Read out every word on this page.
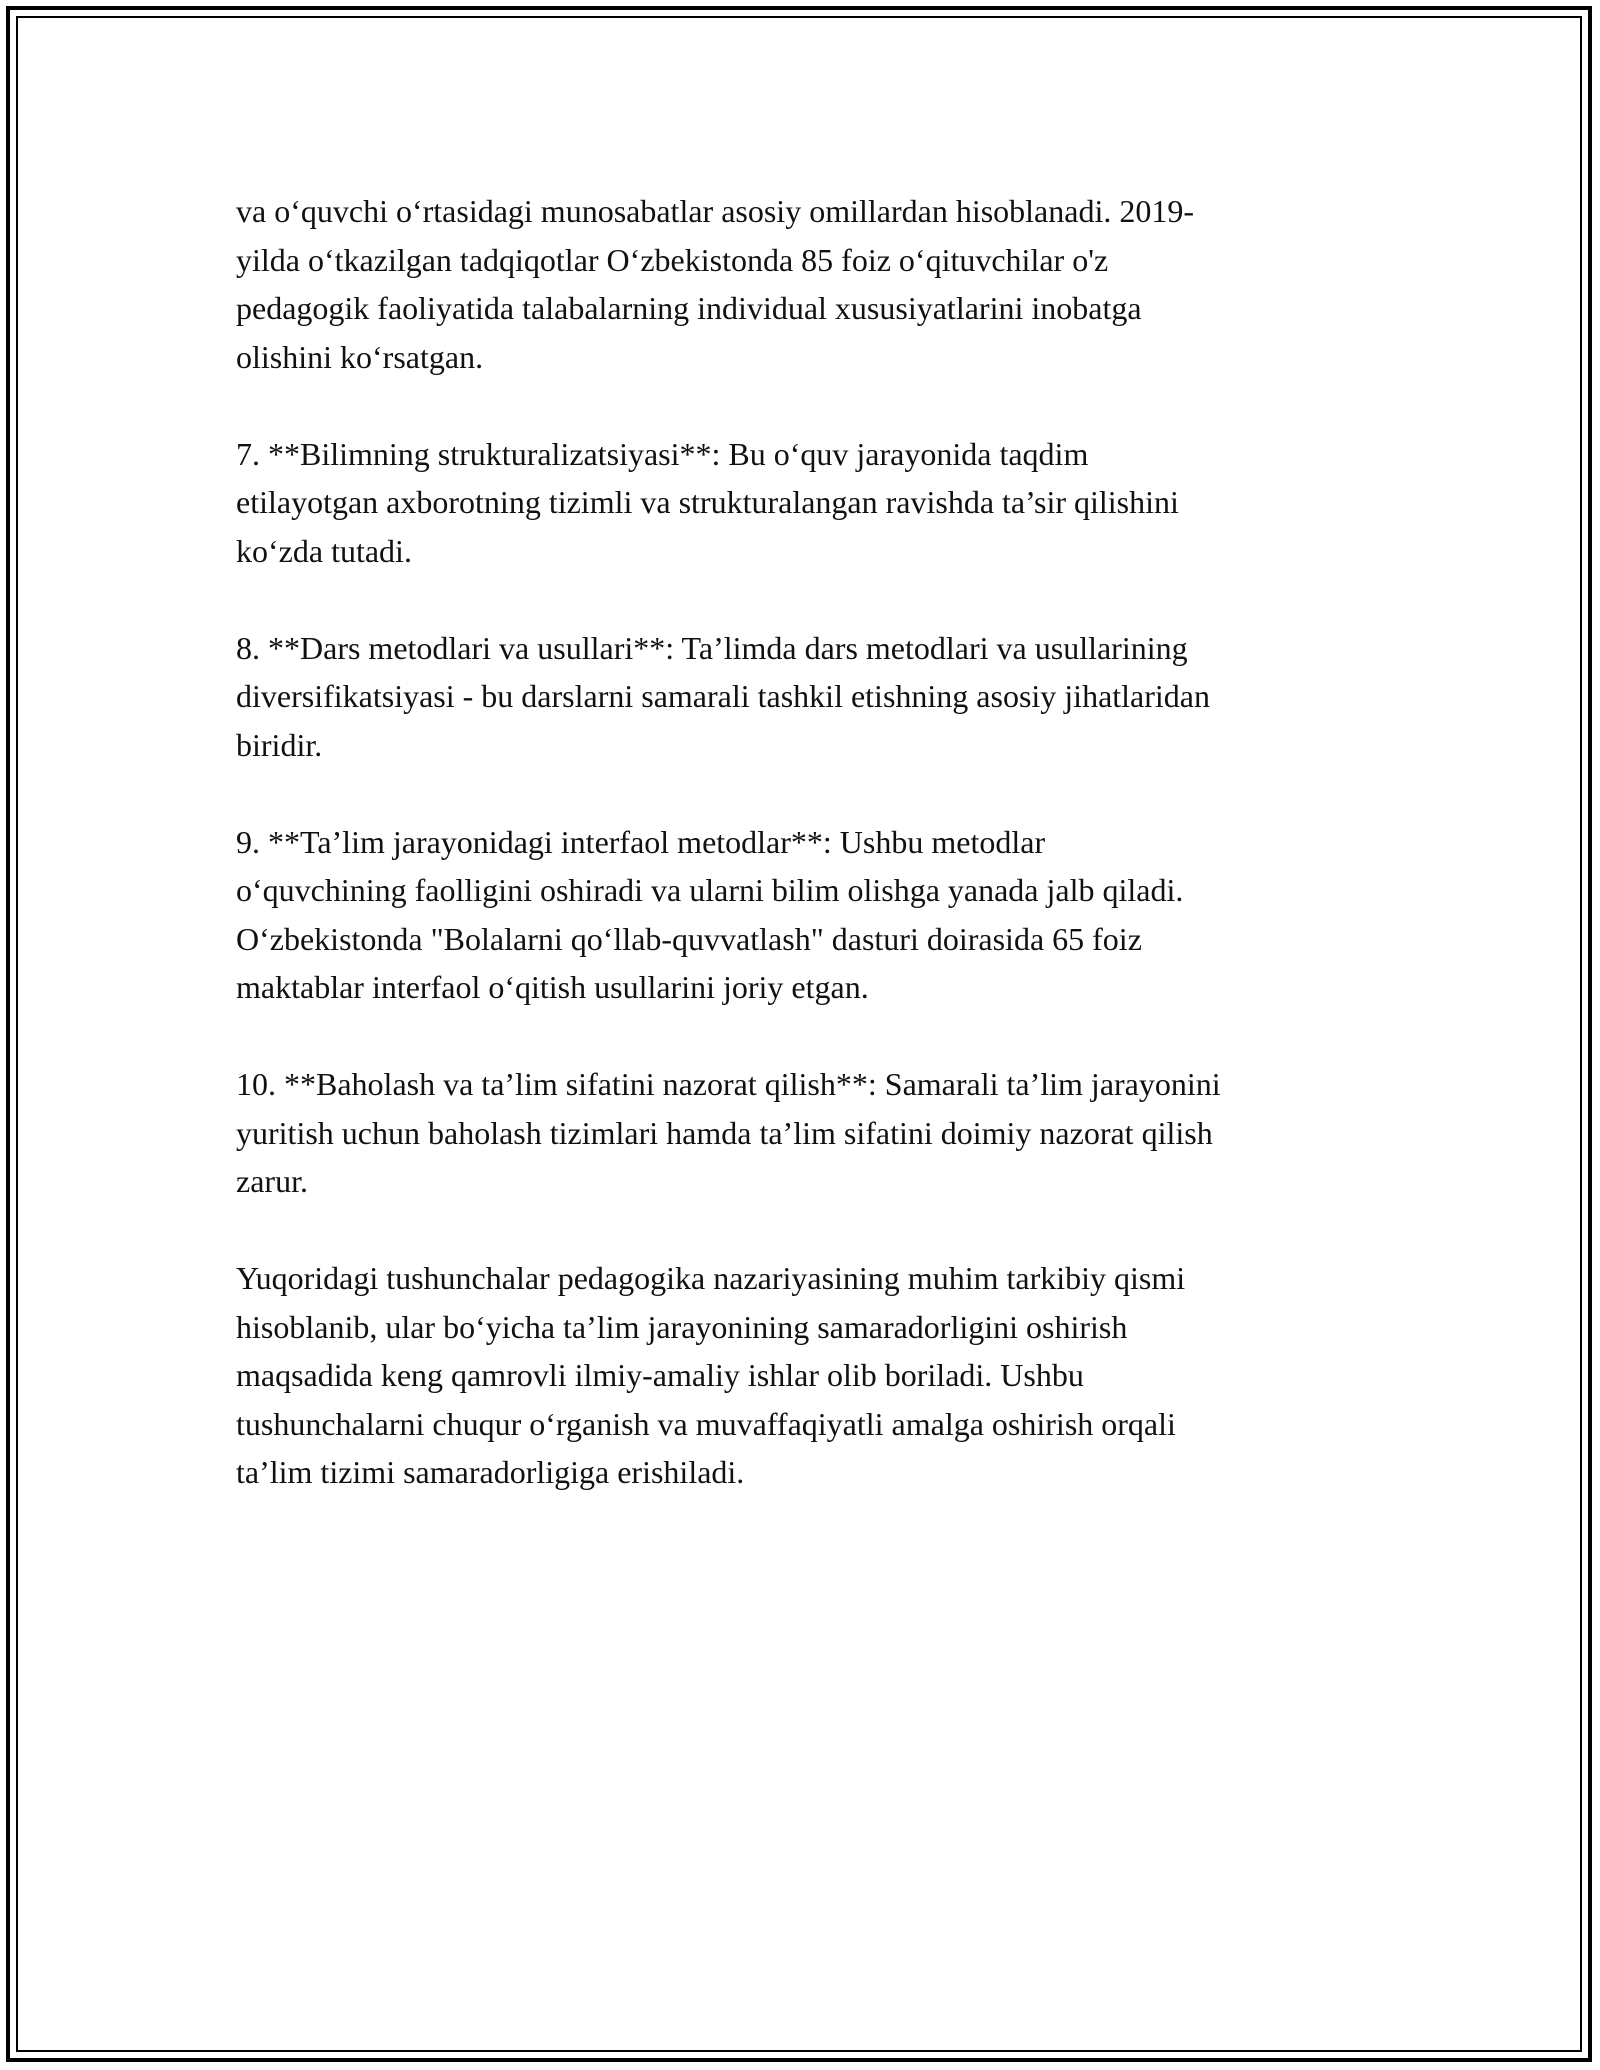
va o‘quvchi o‘rtasidagi munosabatlar asosiy omillardan hisoblanadi. 2019-
yilda o‘tkazilgan tadqiqotlar O‘zbekistonda 85 foiz o‘qituvchilar o'z
pedagogik faoliyatida talabalarning individual xususiyatlarini inobatga
olishini ko‘rsatgan.

7. **Bilimning strukturalizatsiyasi**: Bu o‘quv jarayonida taqdim
etilayotgan axborotning tizimli va strukturalangan ravishda ta’sir qilishini
ko‘zda tutadi.

8. **Dars metodlari va usullari**: Ta’limda dars metodlari va usullarining
diversifikatsiyasi - bu darslarni samarali tashkil etishning asosiy jihatlaridan
biridir.

9. **Ta’lim jarayonidagi interfaol metodlar**: Ushbu metodlar
o‘quvchining faolligini oshiradi va ularni bilim olishga yanada jalb qiladi.
O‘zbekistonda "Bolalarni qo‘llab-quvvatlash" dasturi doirasida 65 foiz
maktablar interfaol o‘qitish usullarini joriy etgan.

10. **Baholash va ta’lim sifatini nazorat qilish**: Samarali ta’lim jarayonini
yuritish uchun baholash tizimlari hamda ta’lim sifatini doimiy nazorat qilish
zarur.

Yuqoridagi tushunchalar pedagogika nazariyasining muhim tarkibiy qismi
hisoblanib, ular bo‘yicha ta’lim jarayonining samaradorligini oshirish
maqsadida keng qamrovli ilmiy-amaliy ishlar olib boriladi. Ushbu
tushunchalarni chuqur o‘rganish va muvaffaqiyatli amalga oshirish orqali
ta’lim tizimi samaradorligiga erishiladi.
